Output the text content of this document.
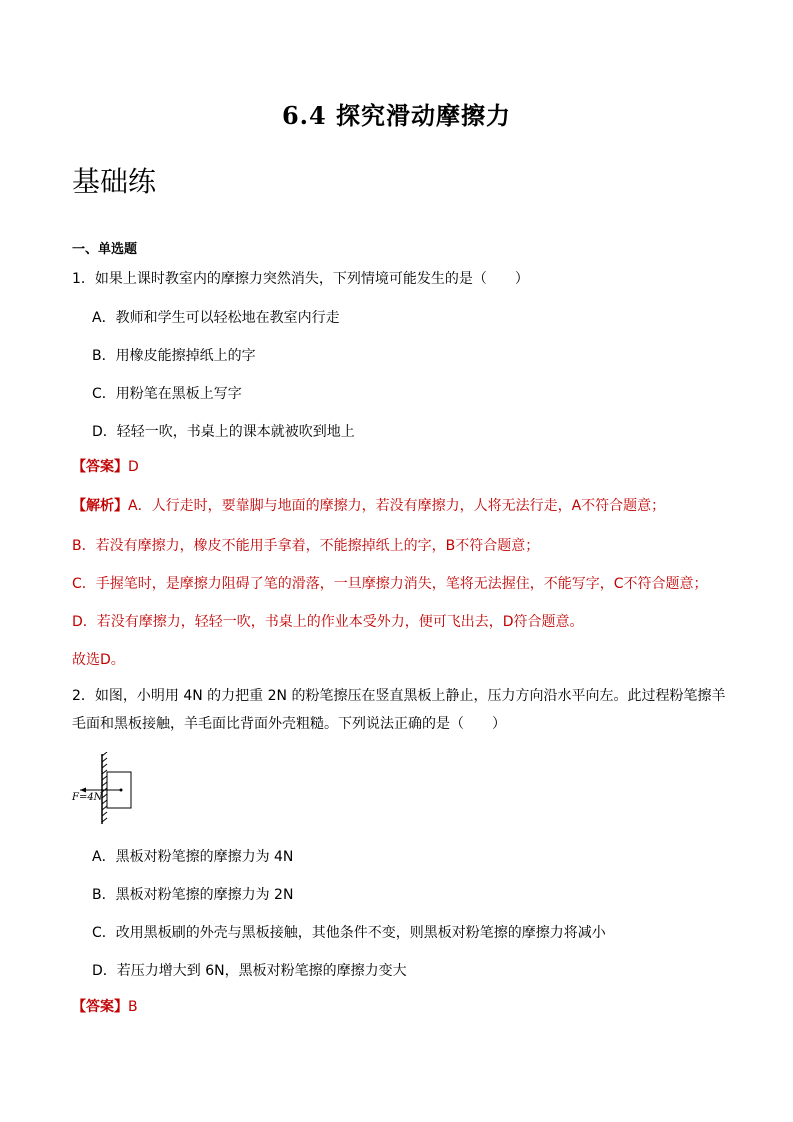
6.4 探究滑动摩擦力
基础练
一、单选题
1．如果上课时教室内的摩擦力突然消失，下列情境可能发生的是（　　）
A．教师和学生可以轻松地在教室内行走
B．用橡皮能擦掉纸上的字
C．用粉笔在黑板上写字
D．轻轻一吹，书桌上的课本就被吹到地上
【答案】D
【解析】A．人行走时，要靠脚与地面的摩擦力，若没有摩擦力，人将无法行走，A不符合题意；
B．若没有摩擦力，橡皮不能用手拿着，不能擦掉纸上的字，B不符合题意；
C．手握笔时，是摩擦力阻碍了笔的滑落，一旦摩擦力消失，笔将无法握住，不能写字，C不符合题意；
D．若没有摩擦力，轻轻一吹，书桌上的作业本受外力，便可飞出去，D符合题意。
故选D。
2．如图，小明用 4N 的力把重 2N 的粉笔擦压在竖直黑板上静止，压力方向沿水平向左。此过程粉笔擦羊
毛面和黑板接触，羊毛面比背面外壳粗糙。下列说法正确的是（　　）
F=4N
A．黑板对粉笔擦的摩擦力为 4N
B．黑板对粉笔擦的摩擦力为 2N
C．改用黑板刷的外壳与黑板接触，其他条件不变，则黑板对粉笔擦的摩擦力将减小
D．若压力增大到 6N，黑板对粉笔擦的摩擦力变大
【答案】B
